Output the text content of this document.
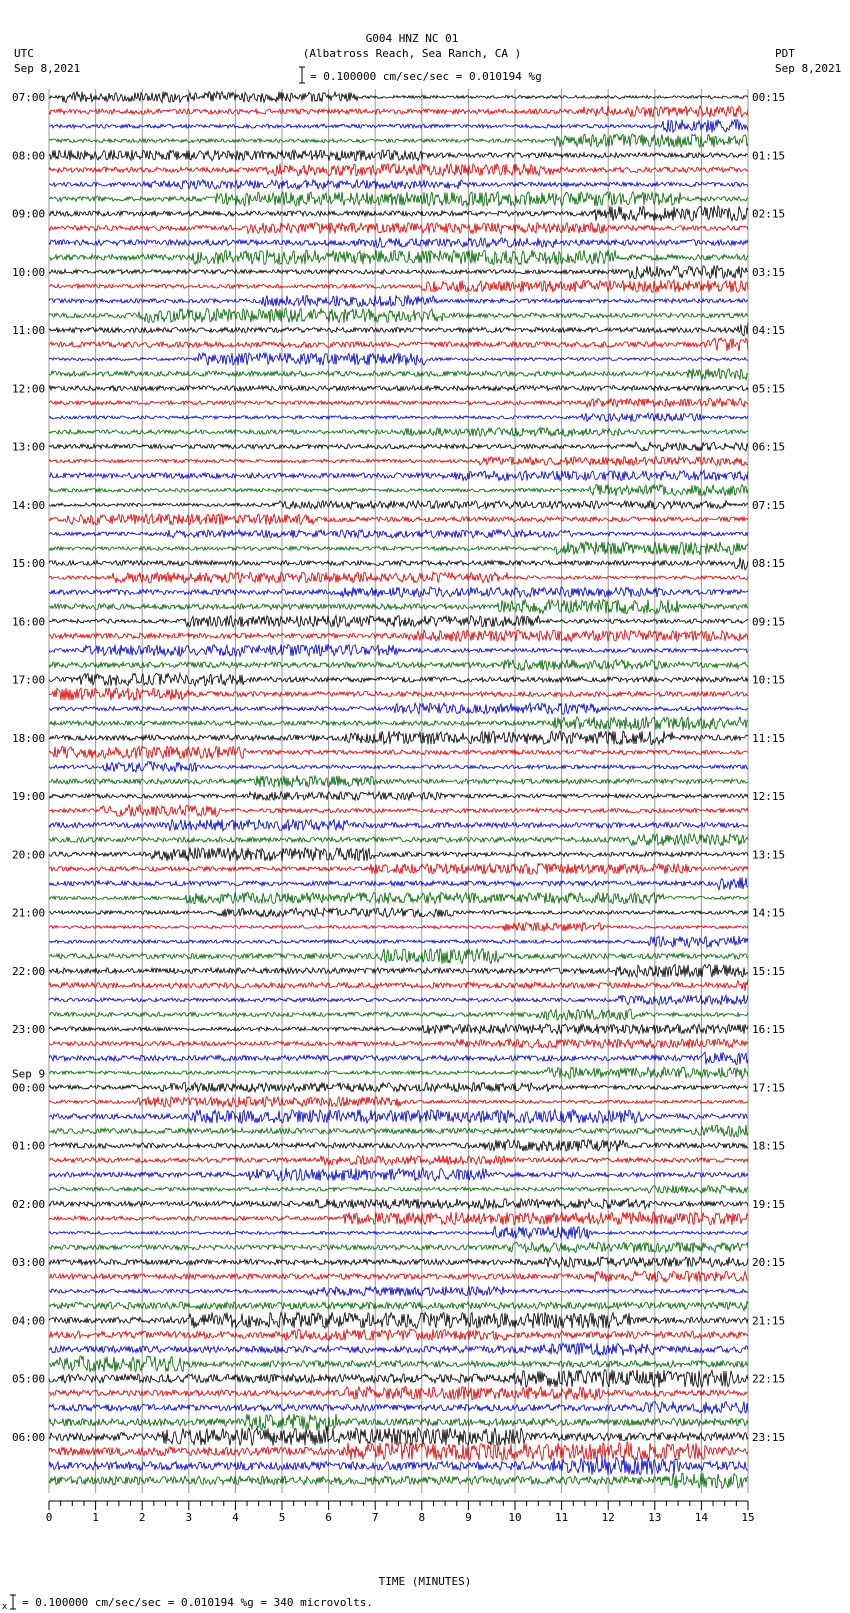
G004 HNZ NC 01
(Albatross Reach, Sea Ranch, CA )
= 0.100000 cm/sec/sec = 0.010194 %g
UTC
Sep 8,2021
PDT
Sep 8,2021
07:00
08:00
09:00
10:00
11:00
12:00
13:00
14:00
15:00
16:00
17:00
18:00
19:00
20:00
21:00
22:00
23:00
00:00
Sep 9
01:00
02:00
03:00
04:00
05:00
06:00
00:15
01:15
02:15
03:15
04:15
05:15
06:15
07:15
08:15
09:15
10:15
11:15
12:15
13:15
14:15
15:15
16:15
17:15
18:15
19:15
20:15
21:15
22:15
23:15
0	1	2	3	4	5	6	7	8	9	10	11	12	13	14	15
TIME (MINUTES)
x = 0.100000 cm/sec/sec = 0.010194 %g = 340 microvolts.
